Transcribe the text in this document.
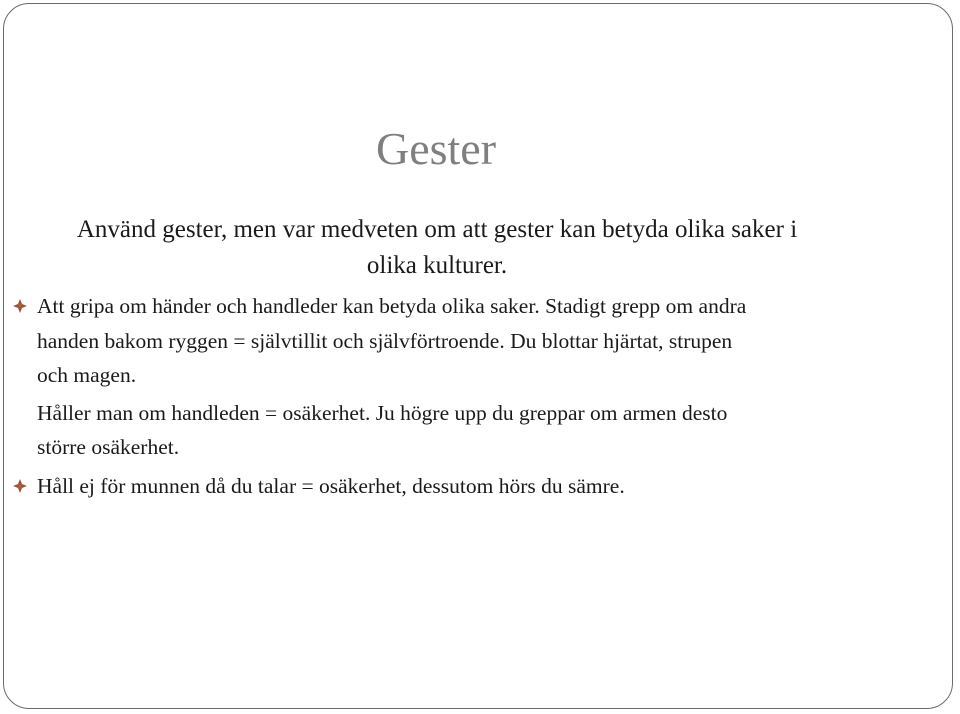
Gester
Använd gester, men var medveten om att gester kan betyda olika saker i
olika kulturer.
Att gripa om händer och handleder kan betyda olika saker. Stadigt grepp om andra
handen bakom ryggen = självtillit och självförtroende. Du blottar hjärtat, strupen
och magen.
Håller man om handleden = osäkerhet. Ju högre upp du greppar om armen desto
större osäkerhet.
Håll ej för munnen då du talar = osäkerhet, dessutom hörs du sämre.
